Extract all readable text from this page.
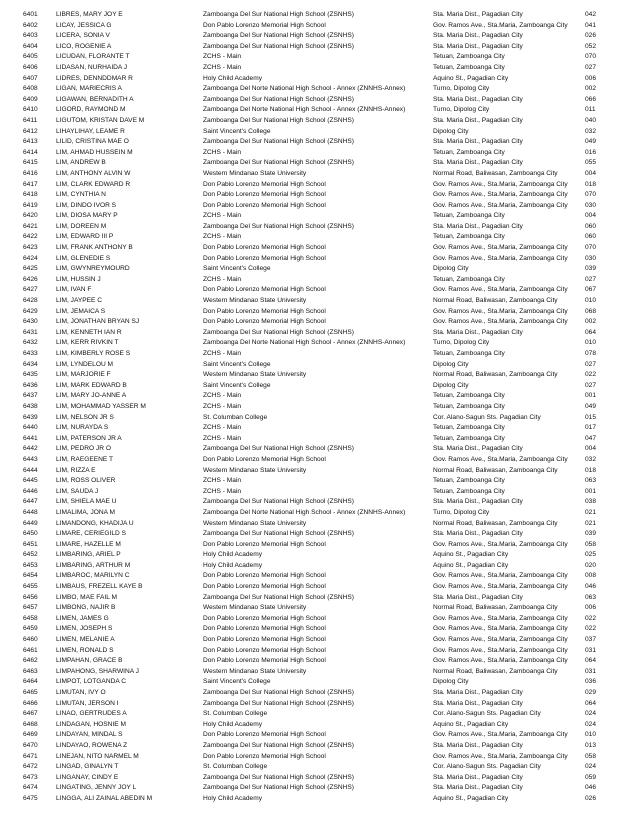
6401	LIBRES, MARY JOY E	Zamboanga Del Sur National High School (ZSNHS)	Sta. Maria Dist., Pagadian City	042
6402	LICAY, JESSICA G	Don Pablo Lorenzo Memorial High School	Gov. Ramos Ave., Sta.Maria, Zamboanga City	041
6403	LICERA, SONIA V	Zamboanga Del Sur National High School (ZSNHS)	Sta. Maria Dist., Pagadian City	026
6404	LICO, ROGENIE A	Zamboanga Del Sur National High School (ZSNHS)	Sta. Maria Dist., Pagadian City	052
6405	LICUDAN, FLORANTE T	ZCHS - Main	Tetuan, Zamboanga City	070
6406	LIDASAN, NURHAIDA J	ZCHS - Main	Tetuan, Zamboanga City	027
6407	LIDRES, DENNDDMAR R	Holy Child Academy	Aquino St., Pagadian City	006
6408	LIGAN, MARIECRIS A	Zamboanga Del Norte National High School - Annex (ZNNHS-Annex)	Turno, Dipolog City	002
6409	LIGAWAN, BERNADITH A	Zamboanga Del Sur National High School (ZSNHS)	Sta. Maria Dist., Pagadian City	066
6410	LIGORD, RAYMOND M	Zamboanga Del Norte National High School - Annex (ZNNHS-Annex)	Turno, Dipolog City	011
6411	LIGUTOM, KRISTAN DAVE M	Zamboanga Del Sur National High School (ZSNHS)	Sta. Maria Dist., Pagadian City	040
6412	LIHAYLIHAY, LEAME R	Saint Vincent's College	Dipolog City	032
6413	LILID, CRISTINA MAE O	Zamboanga Del Sur National High School (ZSNHS)	Sta. Maria Dist., Pagadian City	049
6414	LIM, AHMAD HUSSEIN M	ZCHS - Main	Tetuan, Zamboanga City	016
6415	LIM, ANDREW B	Zamboanga Del Sur National High School (ZSNHS)	Sta. Maria Dist., Pagadian City	055
6416	LIM, ANTHONY ALVIN W	Western Mindanao State University	Normal Road, Baliwasan, Zamboanga City	004
6417	LIM, CLARK EDWARD R	Don Pablo Lorenzo Memorial High School	Gov. Ramos Ave., Sta.Maria, Zamboanga City	018
6418	LIM, CYNTHIA N	Don Pablo Lorenzo Memorial High School	Gov. Ramos Ave., Sta.Maria, Zamboanga City	070
6419	LIM, DINDO IVOR S	Don Pablo Lorenzo Memorial High School	Gov. Ramos Ave., Sta.Maria, Zamboanga City	030
6420	LIM, DIOSA MARY P	ZCHS - Main	Tetuan, Zamboanga City	004
6421	LIM, DOREEN M	Zamboanga Del Sur National High School (ZSNHS)	Sta. Maria Dist., Pagadian City	060
6422	LIM, EDWARD III P	ZCHS - Main	Tetuan, Zamboanga City	060
6423	LIM, FRANK ANTHONY B	Don Pablo Lorenzo Memorial High School	Gov. Ramos Ave., Sta.Maria, Zamboanga City	070
6424	LIM, GLENEDIE S	Don Pablo Lorenzo Memorial High School	Gov. Ramos Ave., Sta.Maria, Zamboanga City	030
6425	LIM, GWYNREYMOURD	Saint Vincent's College	Dipolog City	039
6426	LIM, HUSSIN J	ZCHS - Main	Tetuan, Zamboanga City	027
6427	LIM, IVAN F	Don Pablo Lorenzo Memorial High School	Gov. Ramos Ave., Sta.Maria, Zamboanga City	067
6428	LIM, JAYPEE C	Western Mindanao State University	Normal Road, Baliwasan, Zamboanga City	010
6429	LIM, JEMAICA S	Don Pablo Lorenzo Memorial High School	Gov. Ramos Ave., Sta.Maria, Zamboanga City	068
6430	LIM, JONATHAN BRYAN SJ	Don Pablo Lorenzo Memorial High School	Gov. Ramos Ave., Sta.Maria, Zamboanga City	002
6431	LIM, KENNETH IAN R	Zamboanga Del Sur National High School (ZSNHS)	Sta. Maria Dist., Pagadian City	064
6432	LIM, KERR RIVKIN T	Zamboanga Del Norte National High School - Annex (ZNNHS-Annex)	Turno, Dipolog City	010
6433	LIM, KIMBERLY ROSE S	ZCHS - Main	Tetuan, Zamboanga City	078
6434	LIM, LYNDELOU M	Saint Vincent's College	Dipolog City	027
6435	LIM, MARJORIE F	Western Mindanao State University	Normal Road, Baliwasan, Zamboanga City	022
6436	LIM, MARK EDWARD B	Saint Vincent's College	Dipolog City	027
6437	LIM, MARY JO-ANNE A	ZCHS - Main	Tetuan, Zamboanga City	001
6438	LIM, MOHAMMAD YASSER M	ZCHS - Main	Tetuan, Zamboanga City	049
6439	LIM, NELSON JR S	St. Columban College	Cor. Alano-Sagun Sts. Pagadian City	015
6440	LIM, NURAYDA S	ZCHS - Main	Tetuan, Zamboanga City	017
6441	LIM, PATERSON JR A	ZCHS - Main	Tetuan, Zamboanga City	047
6442	LIM, PEDRO JR O	Zamboanga Del Sur National High School (ZSNHS)	Sta. Maria Dist., Pagadian City	004
6443	LIM, RAEGEENE T	Don Pablo Lorenzo Memorial High School	Gov. Ramos Ave., Sta.Maria, Zamboanga City	032
6444	LIM, RIZZA E	Western Mindanao State University	Normal Road, Baliwasan, Zamboanga City	018
6445	LIM, ROSS OLIVER	ZCHS - Main	Tetuan, Zamboanga City	063
6446	LIM, SAUDA J	ZCHS - Main	Tetuan, Zamboanga City	001
6447	LIM, SHIELA MAE U	Zamboanga Del Sur National High School (ZSNHS)	Sta. Maria Dist., Pagadian City	038
6448	LIMALIMA, JONA M	Zamboanga Del Norte National High School - Annex (ZNNHS-Annex)	Turno, Dipolog City	021
6449	LIMANDONG, KHADIJA U	Western Mindanao State University	Normal Road, Baliwasan, Zamboanga City	021
6450	LIMARE, CERIEGILD S	Zamboanga Del Sur National High School (ZSNHS)	Sta. Maria Dist., Pagadian City	039
6451	LIMARE, HAZELLE M	Don Pablo Lorenzo Memorial High School	Gov. Ramos Ave., Sta.Maria, Zamboanga City	058
6452	LIMBARING, ARIEL P	Holy Child Academy	Aquino St., Pagadian City	025
6453	LIMBARING, ARTHUR M	Holy Child Academy	Aquino St., Pagadian City	020
6454	LIMBAROC, MARILYN C	Don Pablo Lorenzo Memorial High School	Gov. Ramos Ave., Sta.Maria, Zamboanga City	008
6455	LIMBAUS, FREZELL KAYE B	Don Pablo Lorenzo Memorial High School	Gov. Ramos Ave., Sta.Maria, Zamboanga City	046
6456	LIMBO, MAE FAIL M	Zamboanga Del Sur National High School (ZSNHS)	Sta. Maria Dist., Pagadian City	063
6457	LIMBONG, NAJIR B	Western Mindanao State University	Normal Road, Baliwasan, Zamboanga City	006
6458	LIMEN, JAMES G	Don Pablo Lorenzo Memorial High School	Gov. Ramos Ave., Sta.Maria, Zamboanga City	022
6459	LIMEN, JOSEPH S	Don Pablo Lorenzo Memorial High School	Gov. Ramos Ave., Sta.Maria, Zamboanga City	022
6460	LIMEN, MELANIE A	Don Pablo Lorenzo Memorial High School	Gov. Ramos Ave., Sta.Maria, Zamboanga City	037
6461	LIMEN, RONALD S	Don Pablo Lorenzo Memorial High School	Gov. Ramos Ave., Sta.Maria, Zamboanga City	031
6462	LIMPAHAN, GRACE B	Don Pablo Lorenzo Memorial High School	Gov. Ramos Ave., Sta.Maria, Zamboanga City	064
6463	LIMPAHONG, SHARWINA J	Western Mindanao State University	Normal Road, Baliwasan, Zamboanga City	031
6464	LIMPOT, LOTGANDA C	Saint Vincent's College	Dipolog City	036
6465	LIMUTAN, IVY O	Zamboanga Del Sur National High School (ZSNHS)	Sta. Maria Dist., Pagadian City	029
6466	LIMUTAN, JERSON I	Zamboanga Del Sur National High School (ZSNHS)	Sta. Maria Dist., Pagadian City	064
6467	LINAO, GERTRUDES A	St. Columban College	Cor. Alano-Sagun Sts. Pagadian City	024
6468	LINDAGAN, HOSNIE M	Holy Child Academy	Aquino St., Pagadian City	024
6469	LINDAYAN, MINDAL S	Don Pablo Lorenzo Memorial High School	Gov. Ramos Ave., Sta.Maria, Zamboanga City	010
6470	LINDAYAO, ROWENA Z	Zamboanga Del Sur National High School (ZSNHS)	Sta. Maria Dist., Pagadian City	013
6471	LINEJAN, NITO NARMEL M	Don Pablo Lorenzo Memorial High School	Gov. Ramos Ave., Sta.Maria, Zamboanga City	058
6472	LINGAD, GINALYN T	St. Columban College	Cor. Alano-Sagun Sts. Pagadian City	024
6473	LINGANAY, CINDY E	Zamboanga Del Sur National High School (ZSNHS)	Sta. Maria Dist., Pagadian City	059
6474	LINGATING, JENNY JOY L	Zamboanga Del Sur National High School (ZSNHS)	Sta. Maria Dist., Pagadian City	046
6475	LINGGA, ALI ZAINAL ABEDIN M	Holy Child Academy	Aquino St., Pagadian City	026
